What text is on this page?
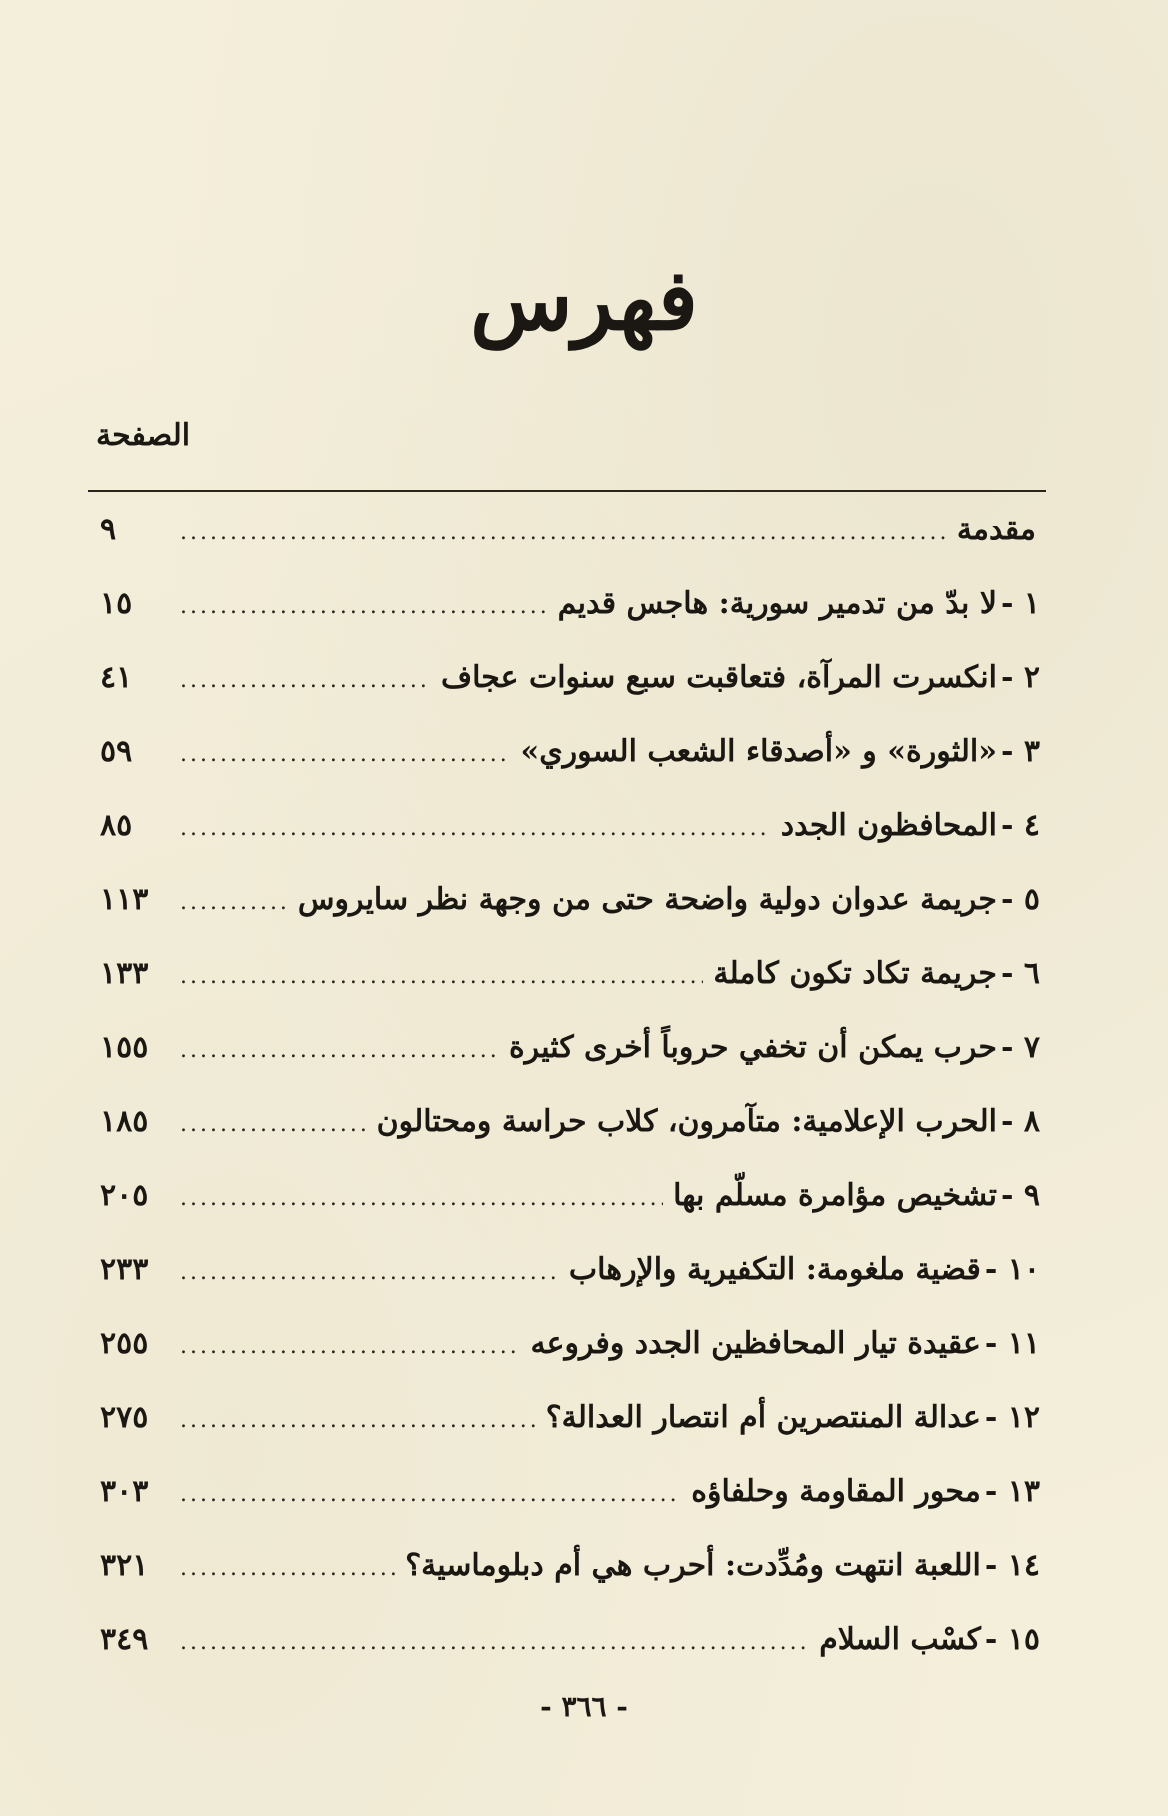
فهرس
الصفحة
مقدمة
.....
٩
١ -
لا بدّ من تدمير سورية: هاجس قديم
.....
١٥
٢ -
انكسرت المرآة، فتعاقبت سبع سنوات عجاف
.....
٤١
٣ -
«الثورة» و «أصدقاء الشعب السوري»
.....
٥٩
٤ -
المحافظون الجدد
.....
٨٥
٥ -
جريمة عدوان دولية واضحة حتى من وجهة نظر سايروس
.....
١١٣
٦ -
جريمة تكاد تكون كاملة
.....
١٣٣
٧ -
حرب يمكن أن تخفي حروباً أخرى كثيرة
.....
١٥٥
٨ -
الحرب الإعلامية: متآمرون، كلاب حراسة ومحتالون
.....
١٨٥
٩ -
تشخيص مؤامرة مسلّم بها
.....
٢٠٥
١٠ -
قضية ملغومة: التكفيرية والإرهاب
.....
٢٣٣
١١ -
عقيدة تيار المحافظين الجدد وفروعه
.....
٢٥٥
١٢ -
عدالة المنتصرين أم انتصار العدالة؟
.....
٢٧٥
١٣ -
محور المقاومة وحلفاؤه
.....
٣٠٣
١٤ -
اللعبة انتهت ومُدِّدت: أحرب هي أم دبلوماسية؟
.....
٣٢١
١٥ -
كسْب السلام
.....
٣٤٩
- ٣٦٦ -
